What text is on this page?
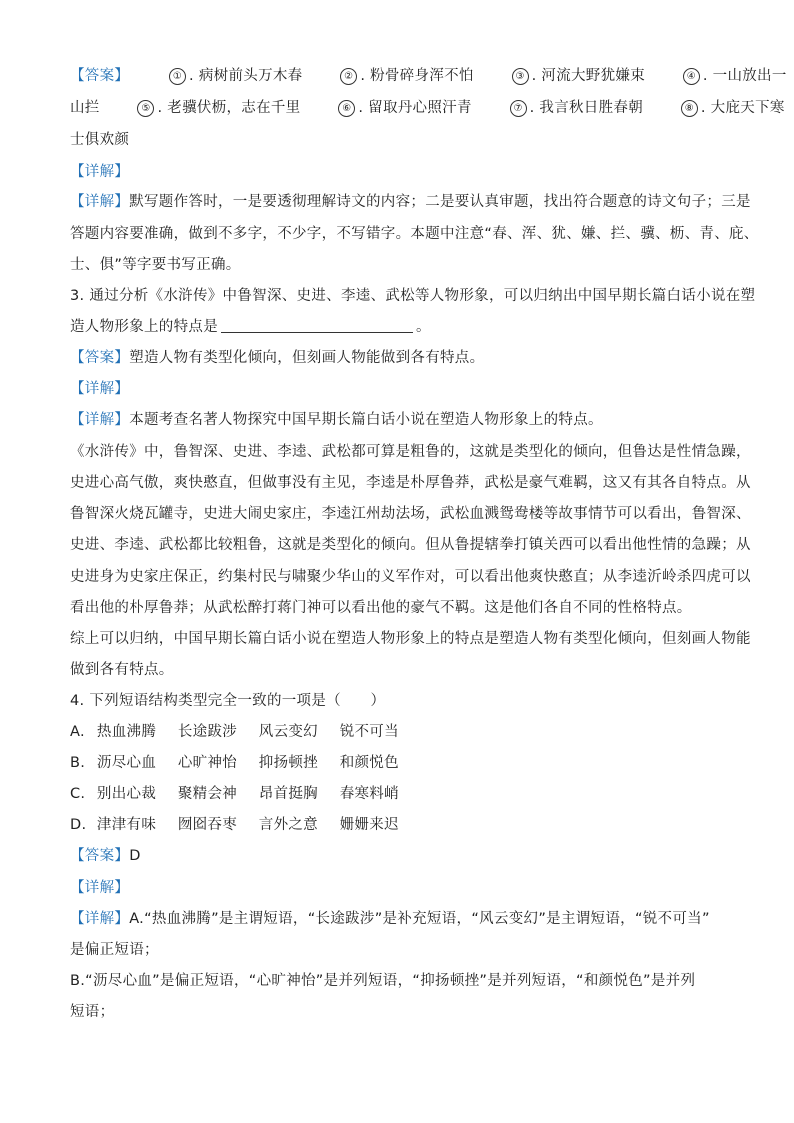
【答案】	① . 病树前头万木春	② . 粉骨碎身浑不怕	③ . 河流大野犹嫌束	④ . 一山放出一
山拦	⑤ . 老骥伏枥，志在千里	⑥ . 留取丹心照汗青	⑦ . 我言秋日胜春朝	⑧ . 大庇天下寒
士俱欢颜
【详解】
【详解】默写题作答时，一是要透彻理解诗文的内容；二是要认真审题，找出符合题意的诗文句子；三是
答题内容要准确，做到不多字，不少字，不写错字。本题中注意“春、浑、犹、嫌、拦、骥、枥、青、庇、
士、俱”等字要书写正确。
3. 通过分析《水浒传》中鲁智深、史进、李逵、武松等人物形象，可以归纳出中国早期长篇白话小说在塑
造人物形象上的特点是	。
【答案】塑造人物有类型化倾向，但刻画人物能做到各有特点。
【详解】
【详解】本题考查名著人物探究中国早期长篇白话小说在塑造人物形象上的特点。
《水浒传》中，鲁智深、史进、李逵、武松都可算是粗鲁的，这就是类型化的倾向，但鲁达是性情急躁，
史进心高气傲，爽快憨直，但做事没有主见，李逵是朴厚鲁莽，武松是豪气难羁，这又有其各自特点。从
鲁智深火烧瓦罐寺，史进大闹史家庄，李逵江州劫法场，武松血溅鸳鸯楼等故事情节可以看出，鲁智深、
史进、李逵、武松都比较粗鲁，这就是类型化的倾向。但从鲁提辖拳打镇关西可以看出他性情的急躁；从
史进身为史家庄保正，约集村民与啸聚少华山的义军作对，可以看出他爽快憨直；从李逵沂岭杀四虎可以
看出他的朴厚鲁莽；从武松醉打蒋门神可以看出他的豪气不羁。这是他们各自不同的性格特点。
综上可以归纳，中国早期长篇白话小说在塑造人物形象上的特点是塑造人物有类型化倾向，但刻画人物能
做到各有特点。
4. 下列短语结构类型完全一致的一项是（　　）
A. 热血沸腾 长途跋涉 风云变幻 锐不可当
B. 沥尽心血 心旷神怡 抑扬顿挫 和颜悦色
C. 别出心裁 聚精会神 昂首挺胸 春寒料峭
D. 津津有味 囫囵吞枣 言外之意 姗姗来迟
【答案】D
【详解】
【详解】A.“热血沸腾”是主谓短语，“长途跋涉”是补充短语，“风云变幻”是主谓短语，“锐不可当”
是偏正短语；
B.“沥尽心血”是偏正短语，“心旷神怡”是并列短语，“抑扬顿挫”是并列短语，“和颜悦色”是并列
短语；
